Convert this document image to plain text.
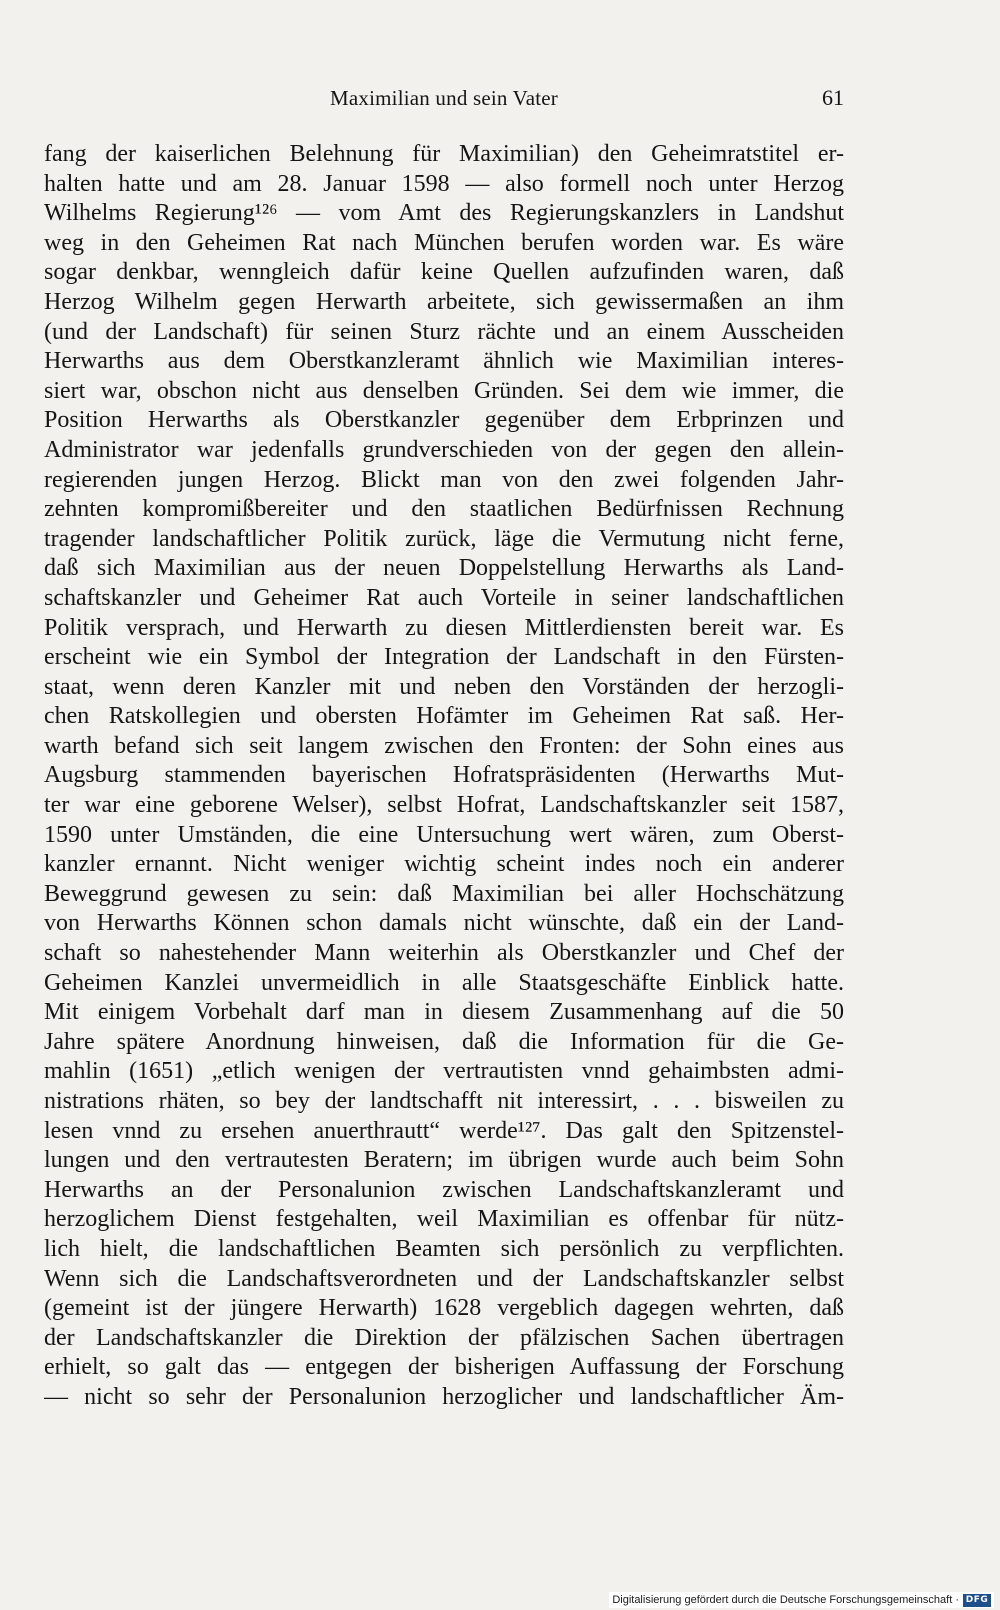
Maximilian und sein Vater	61
fang der kaiserlichen Belehnung für Maximilian) den Geheimratstitel er-
halten hatte und am 28. Januar 1598 — also formell noch unter Herzog
Wilhelms Regierung¹²⁶ — vom Amt des Regierungskanzlers in Landshut
weg in den Geheimen Rat nach München berufen worden war. Es wäre
sogar denkbar, wenngleich dafür keine Quellen aufzufinden waren, daß
Herzog Wilhelm gegen Herwarth arbeitete, sich gewissermaßen an ihm
(und der Landschaft) für seinen Sturz rächte und an einem Ausscheiden
Herwarths aus dem Oberstkanzleramt ähnlich wie Maximilian interes-
siert war, obschon nicht aus denselben Gründen. Sei dem wie immer, die
Position Herwarths als Oberstkanzler gegenüber dem Erbprinzen und
Administrator war jedenfalls grundverschieden von der gegen den allein-
regierenden jungen Herzog. Blickt man von den zwei folgenden Jahr-
zehnten kompromißbereiter und den staatlichen Bedürfnissen Rechnung
tragender landschaftlicher Politik zurück, läge die Vermutung nicht ferne,
daß sich Maximilian aus der neuen Doppelstellung Herwarths als Land-
schaftskanzler und Geheimer Rat auch Vorteile in seiner landschaftlichen
Politik versprach, und Herwarth zu diesen Mittlerdiensten bereit war. Es
erscheint wie ein Symbol der Integration der Landschaft in den Fürsten-
staat, wenn deren Kanzler mit und neben den Vorständen der herzogli-
chen Ratskollegien und obersten Hofämter im Geheimen Rat saß. Her-
warth befand sich seit langem zwischen den Fronten: der Sohn eines aus
Augsburg stammenden bayerischen Hofratspräsidenten (Herwarths Mut-
ter war eine geborene Welser), selbst Hofrat, Landschaftskanzler seit 1587,
1590 unter Umständen, die eine Untersuchung wert wären, zum Oberst-
kanzler ernannt. Nicht weniger wichtig scheint indes noch ein anderer
Beweggrund gewesen zu sein: daß Maximilian bei aller Hochschätzung
von Herwarths Können schon damals nicht wünschte, daß ein der Land-
schaft so nahestehender Mann weiterhin als Oberstkanzler und Chef der
Geheimen Kanzlei unvermeidlich in alle Staatsgeschäfte Einblick hatte.
Mit einigem Vorbehalt darf man in diesem Zusammenhang auf die 50
Jahre spätere Anordnung hinweisen, daß die Information für die Ge-
mahlin (1651) „etlich wenigen der vertrautisten vnnd gehaimbsten admi-
nistrations rhäten, so bey der landtschafft nit interessirt, . . . bisweilen zu
lesen vnnd zu ersehen anuerthrautt“ werde¹²⁷. Das galt den Spitzenstel-
lungen und den vertrautesten Beratern; im übrigen wurde auch beim Sohn
Herwarths an der Personalunion zwischen Landschaftskanzleramt und
herzoglichem Dienst festgehalten, weil Maximilian es offenbar für nütz-
lich hielt, die landschaftlichen Beamten sich persönlich zu verpflichten.
Wenn sich die Landschaftsverordneten und der Landschaftskanzler selbst
(gemeint ist der jüngere Herwarth) 1628 vergeblich dagegen wehrten, daß
der Landschaftskanzler die Direktion der pfälzischen Sachen übertragen
erhielt, so galt das — entgegen der bisherigen Auffassung der Forschung
— nicht so sehr der Personalunion herzoglicher und landschaftlicher Äm-
Digitalisierung gefördert durch die Deutsche Forschungsgemeinschaft · DFG
